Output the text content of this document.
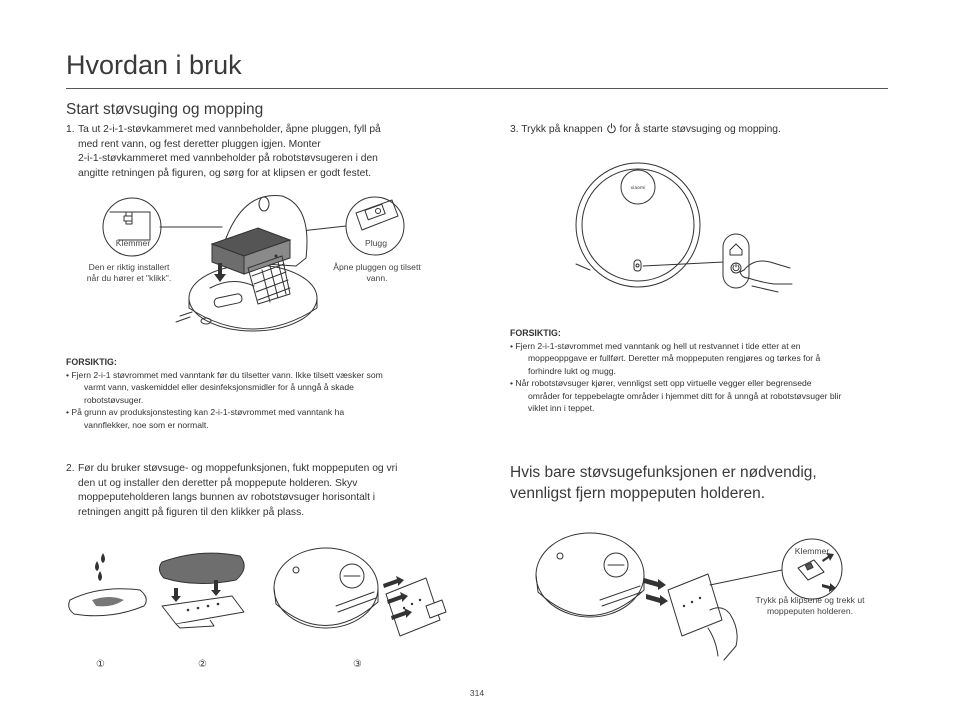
Hvordan i bruk
Start støvsuging og mopping
1. Ta ut 2-i-1-støvkammeret med vannbeholder, åpne pluggen, fyll på
med rent vann, og fest deretter pluggen igjen. Monter
2-i-1-støvkammeret med vannbeholder på robotstøvsugeren i den
angitte retningen på figuren, og sørg for at klipsen er godt festet.
Klemmer	Plugg
Den er riktig installert
når du hører et "klikk".
Åpne pluggen og tilsett
vann.
FORSIKTIG:
• Fjern 2-i-1 støvrommet med vanntank før du tilsetter vann. Ikke tilsett væsker som
varmt vann, vaskemiddel eller desinfeksjonsmidler for å unngå å skade
robotstøvsuger.
• På grunn av produksjonstesting kan 2-i-1-støvrommet med vanntank ha
vannflekker, noe som er normalt.
2. Før du bruker støvsuge- og moppefunksjonen, fukt moppeputen og vri
den ut og installer den deretter på moppepute holderen. Skyv
moppeputeholderen langs bunnen av robotstøvsuger horisontalt i
retningen angitt på figuren til den klikker på plass.
①	②	③
3. Trykk på knappen for å starte støvsuging og mopping.
xiaomi
FORSIKTIG:
• Fjern 2-i-1-støvrommet med vanntank og hell ut restvannet i tide etter at en
moppeoppgave er fullført. Deretter må moppeputen rengjøres og tørkes for å
forhindre lukt og mugg.
• Når robotstøvsuger kjører, vennligst sett opp virtuelle vegger eller begrensede
områder for teppebelagte områder i hjemmet ditt for å unngå at robotstøvsuger blir
viklet inn i teppet.
Hvis bare støvsugefunksjonen er nødvendig,
vennligst fjern moppeputen holderen.
Klemmer
Trykk på klipsene og trekk ut
moppeputen holderen.
314
